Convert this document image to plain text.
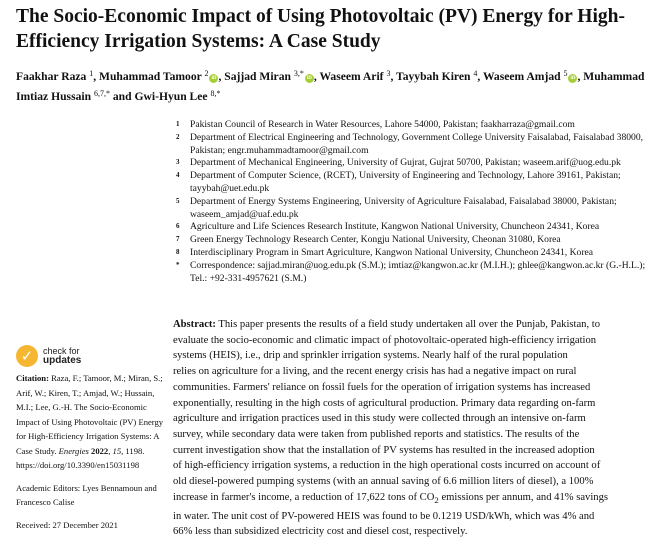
The Socio-Economic Impact of Using Photovoltaic (PV) Energy for High-Efficiency Irrigation Systems: A Case Study
Faakhar Raza $^1$, Muhammad Tamoor $^2$iD , Sajjad Miran $^{3,*}$iD , Waseem Arif $^3$, Tayybah Kiren $^4$, Waseem Amjad $^5$iD , Muhammad Imtiaz Hussain $^{6,7,*}$ and Gwi-Hyun Lee $^{8,*}$
1	Pakistan Council of Research in Water Resources, Lahore 54000, Pakistan; faakharraza@gmail.com
2	Department of Electrical Engineering and Technology, Government College University Faisalabad, Faisalabad 38000, Pakistan; engr.muhammadtamoor@gmail.com
3	Department of Mechanical Engineering, University of Gujrat, Gujrat 50700, Pakistan; waseem.arif@uog.edu.pk
4	Department of Computer Science, (RCET), University of Engineering and Technology, Lahore 39161, Pakistan; tayybah@uet.edu.pk
5	Department of Energy Systems Engineering, University of Agriculture Faisalabad, Faisalabad 38000, Pakistan; waseem_amjad@uaf.edu.pk
6	Agriculture and Life Sciences Research Institute, Kangwon National University, Chuncheon 24341, Korea
7	Green Energy Technology Research Center, Kongju National University, Cheonan 31080, Korea
8	Interdisciplinary Program in Smart Agriculture, Kangwon National University, Chuncheon 24341, Korea
*	Correspondence: sajjad.miran@uog.edu.pk (S.M.); imtiaz@kangwon.ac.kr (M.I.H.); ghlee@kangwon.ac.kr (G.-H.L.); Tel.: +92-331-4957621 (S.M.)
Abstract: This paper presents the results of a field study undertaken all over the Punjab, Pakistan, to
evaluate the socio-economic and climatic impact of photovoltaic-operated high-efficiency irrigation
systems (HEIS), i.e., drip and sprinkler irrigation systems. Nearly half of the rural population
relies on agriculture for a living, and the recent energy crisis has had a negative impact on rural
communities. Farmers' reliance on fossil fuels for the operation of irrigation systems has increased
exponentially, resulting in the high costs of agricultural production. Primary data regarding on-farm
agriculture and irrigation practices used in this study were collected through an intensive on-farm
survey, while secondary data were taken from published reports and statistics. The results of the
current investigation show that the installation of PV systems has resulted in the increased adoption
of high-efficiency irrigation systems, a reduction in the high operational costs incurred on account of
old diesel-powered pumping systems (with an annual saving of 6.6 million liters of diesel), a 100%
increase in farmer's income, a reduction of 17,622 tons of $CO_2$ emissions per annum, and 41% savings
in water. The unit cost of PV-powered HEIS was found to be 0.1219 USD/kWh, which was 4% and
66% less than subsidized electricity cost and diesel cost, respectively.
✓	check for
updates

Citation: Raza, F.; Tamoor, M.; Miran, S.; Arif, W.; Kiren, T.; Amjad, W.; Hussain, M.I.; Lee, G.-H. The Socio-Economic Impact of Using Photovoltaic (PV) Energy for High-Efficiency Irrigation Systems: A Case Study. Energies 2022, 15, 1198. https://doi.org/10.3390/en15031198

Academic Editors: Lyes Bennamoun and Francesco Calise

Received: 27 December 2021
